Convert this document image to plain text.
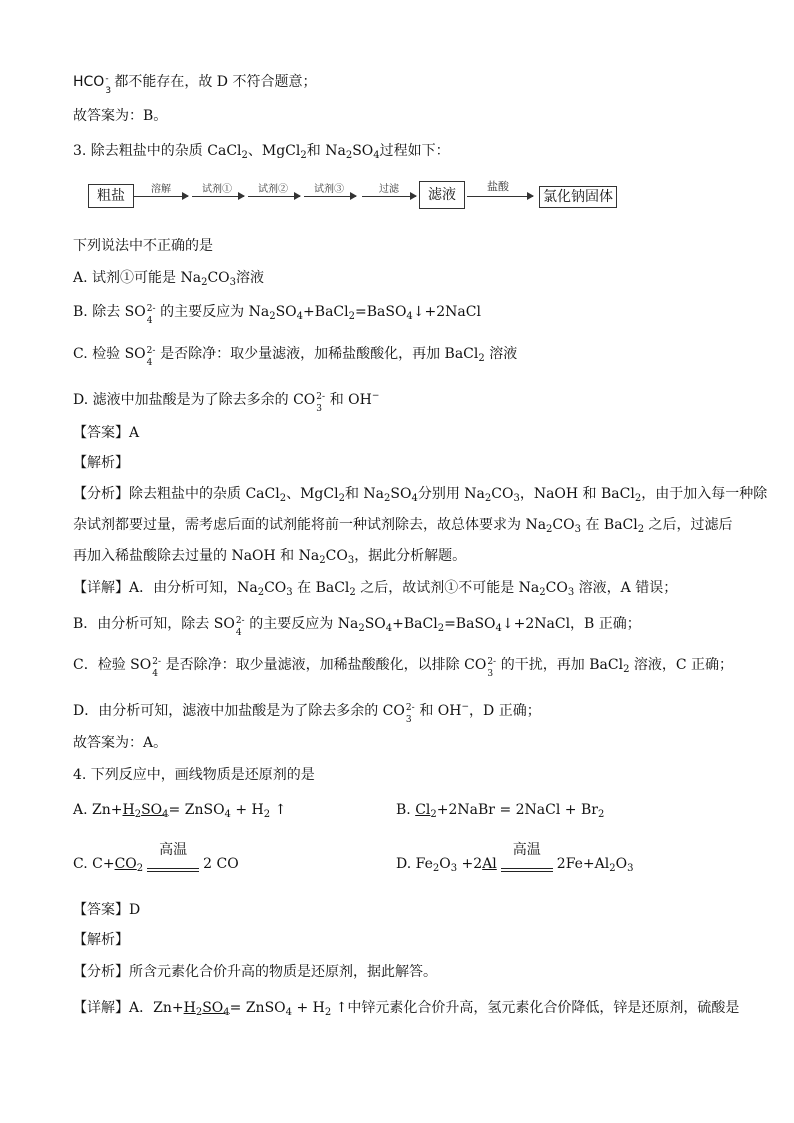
HCO -
3
都不能存在，故 D 不符合题意；
故答案为：B。
3. 除去粗盐中的杂质 CaCl$_2$、MgCl$_2$和 $Na_2SO_4$过程如下：
粗盐	溶解	试剂①	试剂②	试剂③	过滤	滤液
盐酸
氯化钠固体
下列说法中不正确的是
A. 试剂①可能是 $Na_2CO_3$溶液
B. 除去 SO 2-
4
的主要反应为 $Na_2SO_4+BaCl_2=BaSO_4↓+2NaCl$
C. 检验 SO 2-
4
是否除净：取少量滤液，加稀盐酸酸化，再加 BaCl$_2$ 溶液
D. 滤液中加盐酸是为了除去多余的 CO 2-
3
和 OH−
【答案】A
【解析】
【分析】除去粗盐中的杂质 CaCl$_2$、MgCl$_2$和 $Na_2SO_4$分别用 $Na_2CO_3$，NaOH 和 BaCl$_2$，由于加入每一种除
杂试剂都要过量，需考虑后面的试剂能将前一种试剂除去，故总体要求为 $Na_2CO_3$ 在 BaCl$_2$ 之后，过滤后
再加入稀盐酸除去过量的 NaOH 和 $Na_2CO_3$，据此分析解题。
【详解】A．由分析可知，$Na_2CO_3$ 在 BaCl$_2$ 之后，故试剂①不可能是 $Na_2CO_3$ 溶液，A 错误；
B．由分析可知，除去 SO 2-
4
的主要反应为 $Na_2SO_4+BaCl_2=BaSO_4↓+2NaCl$，B 正确；
C．检验 SO 2-
4
是否除净：取少量滤液，加稀盐酸酸化，以排除 CO 2-
3
的干扰，再加 BaCl$_2$ 溶液，C 正确；
D．由分析可知，滤液中加盐酸是为了除去多余的 CO 2-
3
和 OH−，D 正确；
故答案为：A。
4. 下列反应中，画线物质是还原剂的是
A. $Zn+H_2SO_4=$ ZnSO$_4$ + $H_2$ ↑	B. $Cl_2+2NaBr$ = 2NaCl + $Br_2$
C. $C+CO_2$
高温
2 CO	D. $Fe_2O_3 +2Al$
高温
$2Fe+Al_2O_3$
【答案】D
【解析】
【分析】所含元素化合价升高的物质是还原剂，据此解答。
【详解】A．$Zn+H_2SO_4=$ ZnSO$_4$ + $H_2$ ↑中锌元素化合价升高，氢元素化合价降低，锌是还原剂，硫酸是
